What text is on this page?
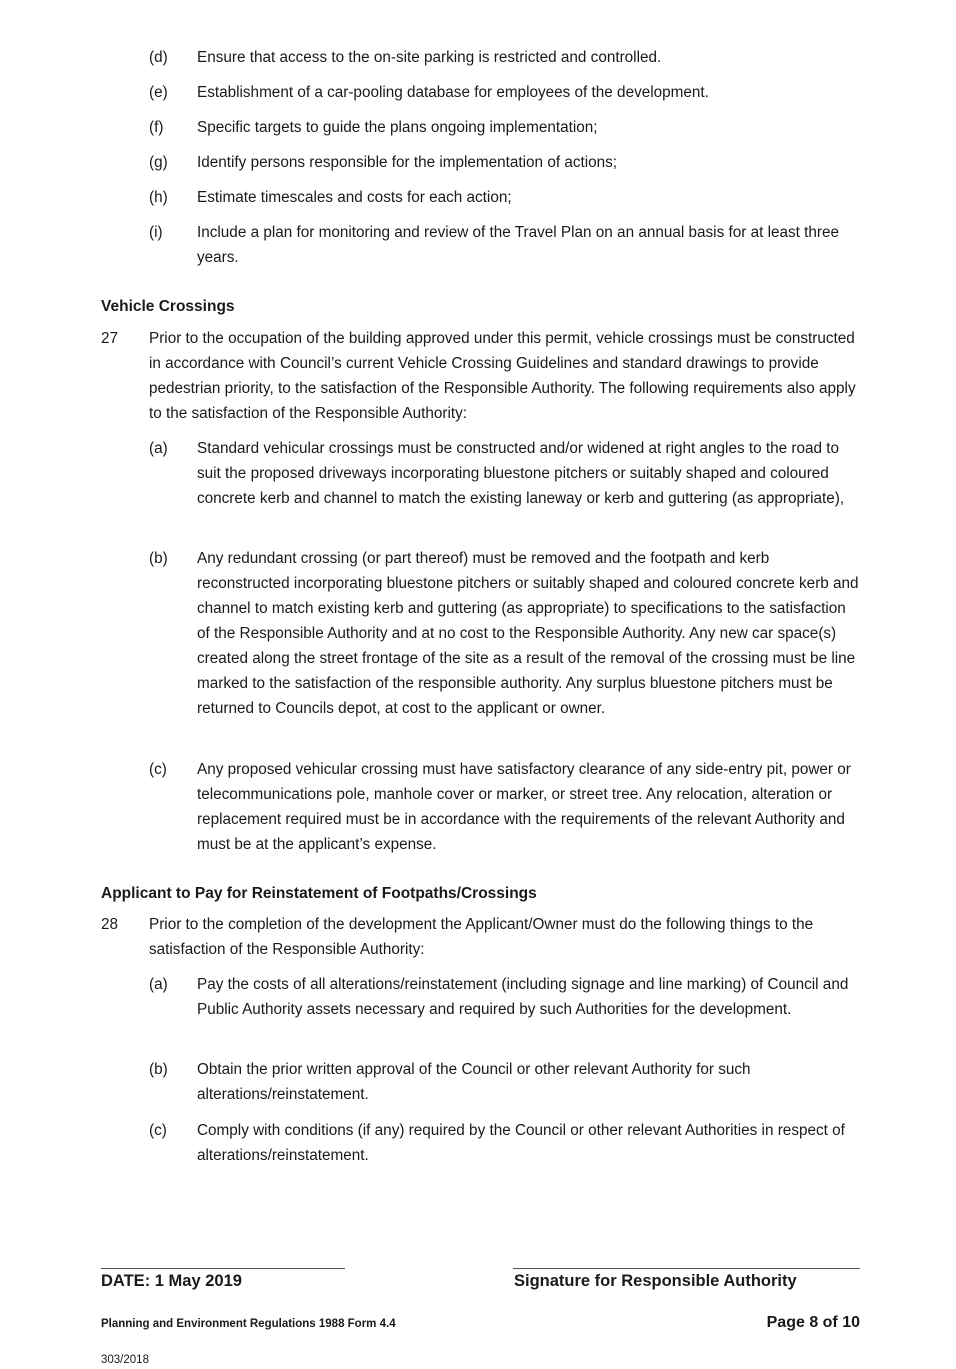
(d) Ensure that access to the on-site parking is restricted and controlled.
(e) Establishment of a car-pooling database for employees of the development.
(f) Specific targets to guide the plans ongoing implementation;
(g) Identify persons responsible for the implementation of actions;
(h) Estimate timescales and costs for each action;
(i) Include a plan for monitoring and review of the Travel Plan on an annual basis for at least three years.
Vehicle Crossings
27 Prior to the occupation of the building approved under this permit, vehicle crossings must be constructed in accordance with Council’s current Vehicle Crossing Guidelines and standard drawings to provide pedestrian priority, to the satisfaction of the Responsible Authority. The following requirements also apply to the satisfaction of the Responsible Authority:
(a) Standard vehicular crossings must be constructed and/or widened at right angles to the road to suit the proposed driveways incorporating bluestone pitchers or suitably shaped and coloured concrete kerb and channel to match the existing laneway or kerb and guttering (as appropriate),
(b) Any redundant crossing (or part thereof) must be removed and the footpath and kerb reconstructed incorporating bluestone pitchers or suitably shaped and coloured concrete kerb and channel to match existing kerb and guttering (as appropriate) to specifications to the satisfaction of the Responsible Authority and at no cost to the Responsible Authority. Any new car space(s) created along the street frontage of the site as a result of the removal of the crossing must be line marked to the satisfaction of the responsible authority. Any surplus bluestone pitchers must be returned to Councils depot, at cost to the applicant or owner.
(c) Any proposed vehicular crossing must have satisfactory clearance of any side-entry pit, power or telecommunications pole, manhole cover or marker, or street tree. Any relocation, alteration or replacement required must be in accordance with the requirements of the relevant Authority and must be at the applicant’s expense.
Applicant to Pay for Reinstatement of Footpaths/Crossings
28 Prior to the completion of the development the Applicant/Owner must do the following things to the satisfaction of the Responsible Authority:
(a) Pay the costs of all alterations/reinstatement (including signage and line marking) of Council and Public Authority assets necessary and required by such Authorities for the development.
(b) Obtain the prior written approval of the Council or other relevant Authority for such alterations/reinstatement.
(c) Comply with conditions (if any) required by the Council or other relevant Authorities in respect of alterations/reinstatement.
DATE: 1 May 2019	Signature for Responsible Authority
Planning and Environment Regulations 1988 Form 4.4	Page 8 of 10
303/2018
